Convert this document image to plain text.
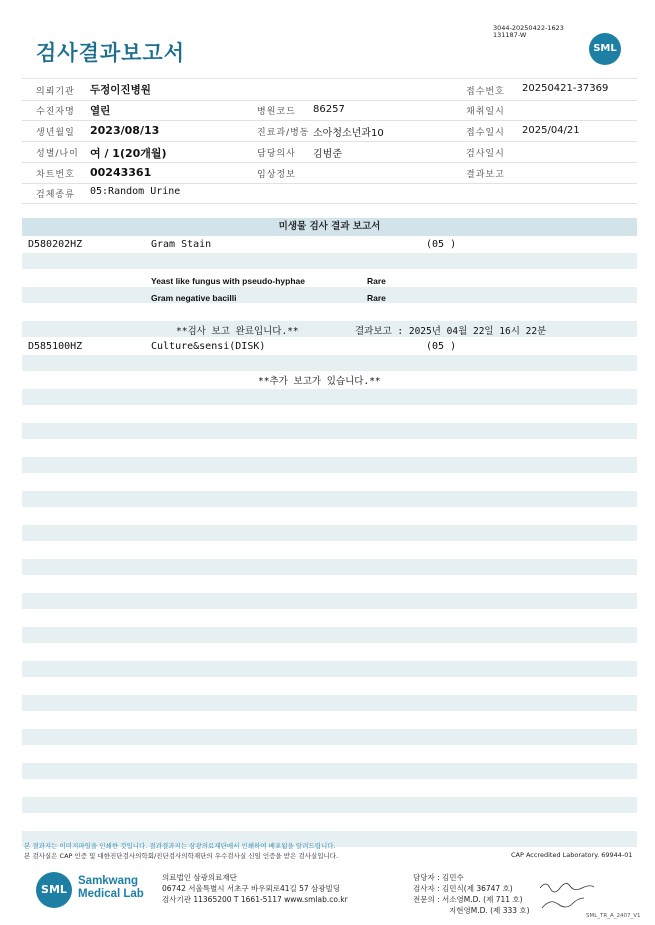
검사결과보고서
3044-20250422-1623
131187-W
SML
의뢰기관 두정이진병원	접수번호 20250421-37369
수진자명 열린	병원코드 86257	채취일시
생년월일 2023/08/13	진료과/병동 소아청소년과10	접수일시 2025/04/21
성별/나이 여 / 1(20개월)	담당의사 김범준	검사일시
차트번호 00243361	임상정보	결과보고
검체종류 05:Random Urine
미생물 검사 결과 보고서
D580202HZ	Gram Stain	(05 )
Yeast like fungus with pseudo-hyphae	Rare
Gram negative bacilli	Rare
**검사 보고 완료입니다.**	결과보고 : 2025년 04월 22일 16시 22분
D585100HZ	Culture&sensi(DISK)	(05 )
**추가 보고가 있습니다.**
본 결과지는 이미지파일을 인쇄한 것입니다. 결과결과지는 삼광의료재단에서 인쇄하여 배포됨을 알려드립니다.
본 검사실은 CAP 인증 및 대한진단검사의학회/진단검사의학재단의 우수검사실 신임 인증을 받은 검사실입니다.	CAP Accredited Laboratory. 69944-01
SML
Samkwang
Medical Lab
의료법인 삼광의료재단
06742 서울특별시 서초구 바우뫼로41길 57 삼광빌딩
검사기관 11365200 T 1661-5117 www.smlab.co.kr
담당자 : 김민수
검사자 : 김민식(제 36747 호)
전문의 : 서소영M.D. (제 711 호)
지현영M.D. (제 333 호)
SML_TR_A_2407_V1
